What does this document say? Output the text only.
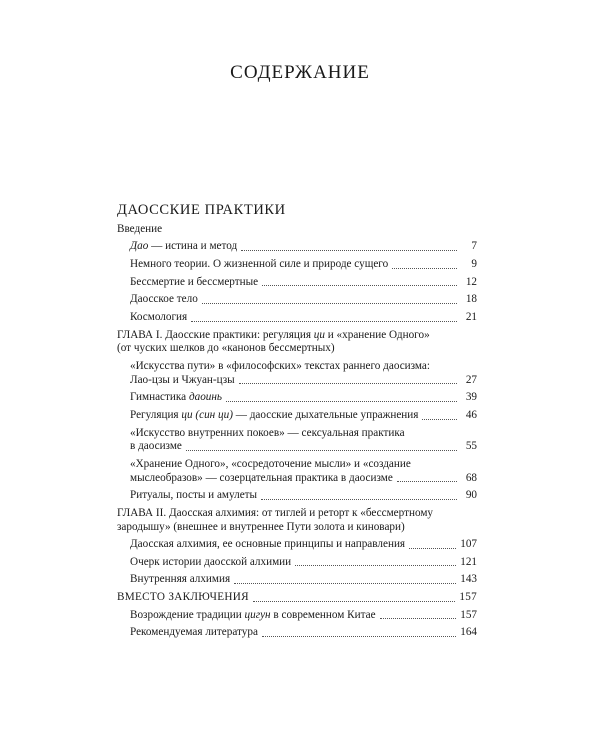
СОДЕРЖАНИЕ
ДАОССКИЕ ПРАКТИКИ
Введение
Дао — истина и метод	7
Немного теории. О жизненной силе и природе сущего	9
Бессмертие и бессмертные	12
Даосское тело	18
Космология	21
ГЛАВА I. Даосские практики: регуляция ци и «хранение Одного»
(от чуских шелков до «канонов бессмертных)
«Искусства пути» в «философских» текстах раннего даосизма:
Лао-цзы и Чжуан-цзы	27
Гимнастика даоинь	39
Регуляция ци (син ци) — даосские дыхательные упражнения	46
«Искусство внутренних покоев» — сексуальная практика
в даосизме	55
«Хранение Одного», «сосредоточение мысли» и «создание
мыслеобразов» — созерцательная практика в даосизме	68
Ритуалы, посты и амулеты	90
ГЛАВА II. Даосская алхимия: от тиглей и реторт к «бессмертному
зародышу» (внешнее и внутреннее Пути золота и киновари)
Даосская алхимия, ее основные принципы и направления	107
Очерк истории даосской алхимии	121
Внутренняя алхимия	143
ВМЕСТО ЗАКЛЮЧЕНИЯ	157
Возрождение традиции цигун в современном Китае	157
Рекомендуемая литература	164
